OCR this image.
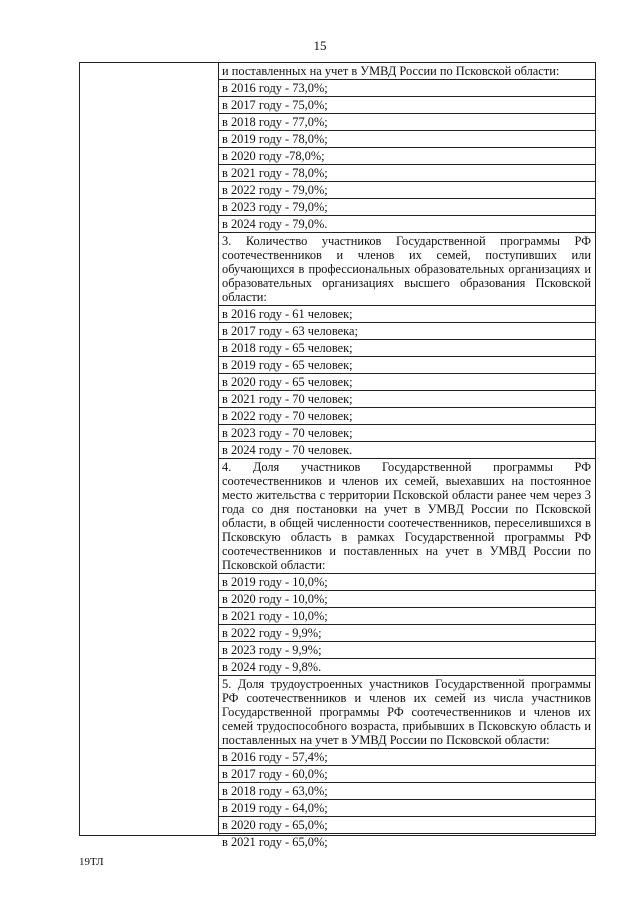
15
и поставленных на учет в УМВД России по Псковской области:
в 2016 году - 73,0%;
в 2017 году - 75,0%;
в 2018 году - 77,0%;
в 2019 году - 78,0%;
в 2020 году -78,0%;
в 2021 году - 78,0%;
в 2022 году - 79,0%;
в 2023 году - 79,0%;
в 2024 году - 79,0%.
3. Количество участников Государственной программы РФ соотечественников и членов их семей, поступивших или обучающихся в профессиональных образовательных организациях и образовательных организациях высшего образования Псковской области:
в 2016 году - 61 человек;
в 2017 году - 63 человека;
в 2018 году - 65 человек;
в 2019 году - 65 человек;
в 2020 году - 65 человек;
в 2021 году - 70 человек;
в 2022 году - 70 человек;
в 2023 году - 70 человек;
в 2024 году - 70 человек.
4. Доля участников Государственной программы РФ соотечественников и членов их семей, выехавших на постоянное место жительства с территории Псковской области ранее чем через 3 года со дня постановки на учет в УМВД России по Псковской области, в общей численности соотечественников, переселившихся в Псковскую область в рамках Государственной программы РФ соотечественников и поставленных на учет в УМВД России по Псковской области:
в 2019 году - 10,0%;
в 2020 году - 10,0%;
в 2021 году - 10,0%;
в 2022 году - 9,9%;
в 2023 году - 9,9%;
в 2024 году - 9,8%.
5. Доля трудоустроенных участников Государственной программы РФ соотечественников и членов их семей из числа участников Государственной программы РФ соотечественников и членов их семей трудоспособного возраста, прибывших в Псковскую область и поставленных на учет в УМВД России по Псковской области:
в 2016 году - 57,4%;
в 2017 году - 60,0%;
в 2018 году - 63,0%;
в 2019 году - 64,0%;
в 2020 году - 65,0%;
в 2021 году - 65,0%;
19ТЛ
